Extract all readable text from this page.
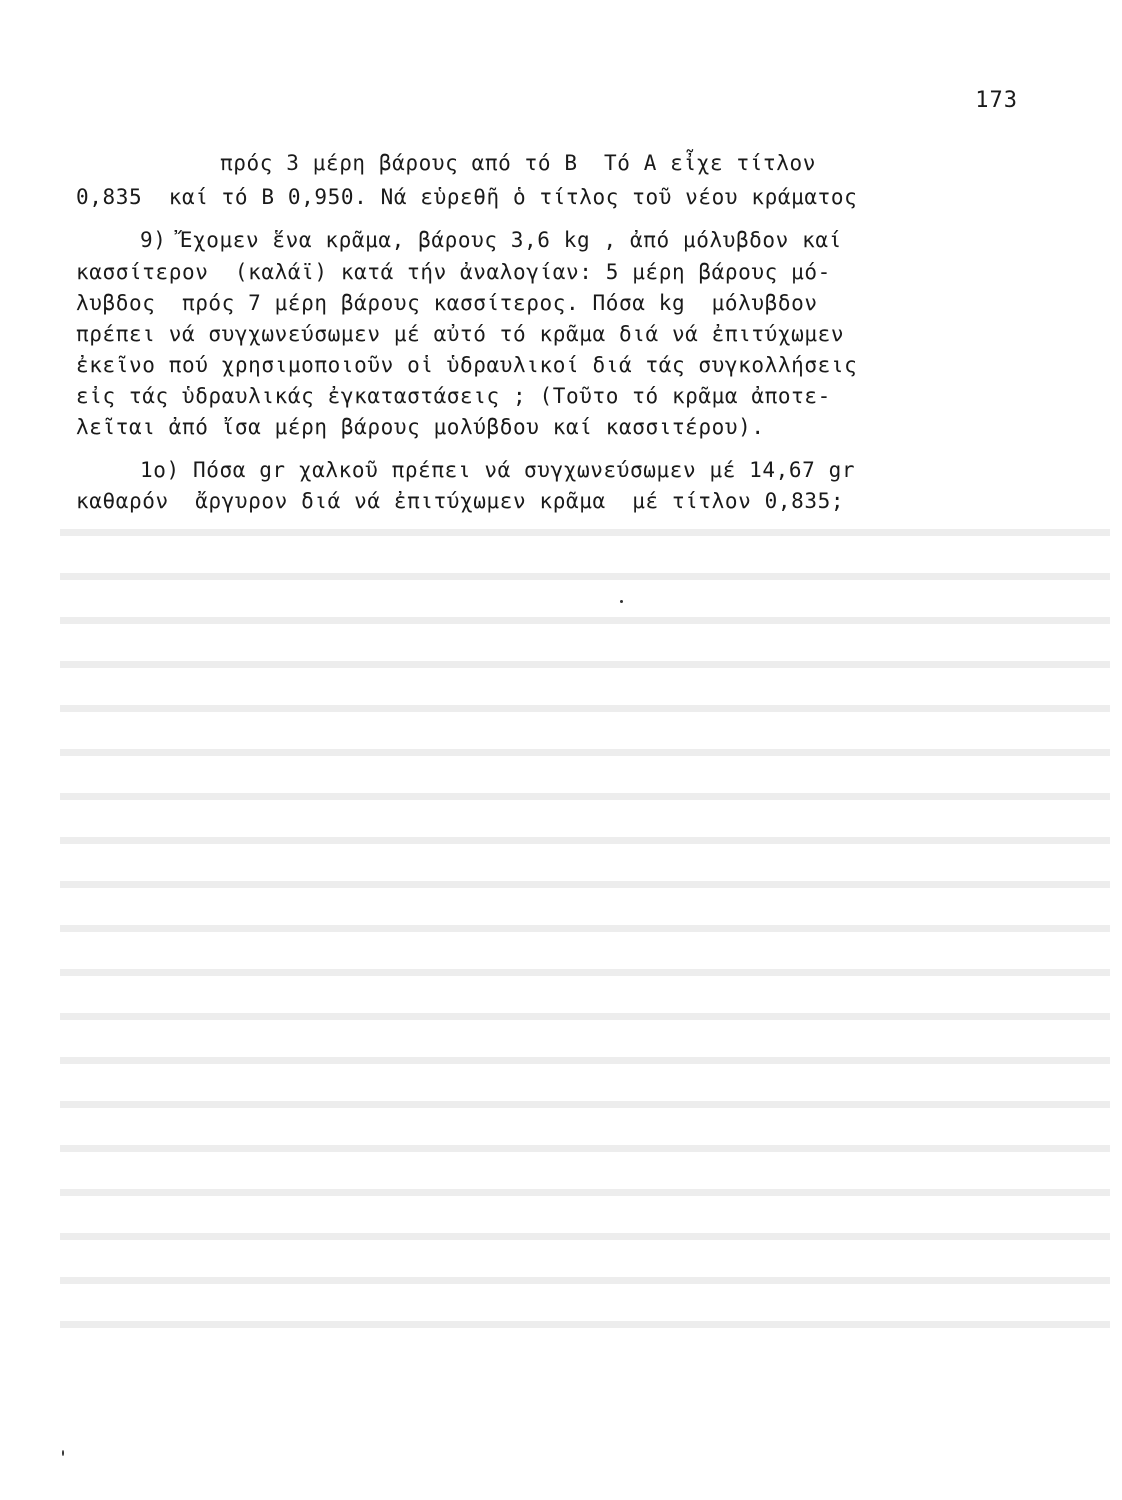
173
πρός 3 μέρη βάρους από τό Β  Τό Α εἶχε τίτλον
0,835  καί τό Β 0,950. Νά εὑρεθῆ ὁ τίτλος τοῦ νέου κράματος
9) Ἔχομεν ἕνα κρᾶμα, βάρους 3,6 kg , ἀπό μόλυβδον καί
κασσίτερον  (καλάϊ) κατά τήν ἀναλογίαν: 5 μέρη βάρους μό-
λυβδος  πρός 7 μέρη βάρους κασσίτερος. Πόσα kg  μόλυβδον
πρέπει νά συγχωνεύσωμεν μέ αὐτό τό κρᾶμα διά νά ἐπιτύχωμεν
ἐκεῖνο πού χρησιμοποιοῦν οἱ ὑδραυλικοί διά τάς συγκολλήσεις
εἰς τάς ὑδραυλικάς ἐγκαταστάσεις ; (Τοῦτο τό κρᾶμα ἀποτε-
λεῖται ἀπό ἴσα μέρη βάρους μολύβδου καί κασσιτέρου).
1ο) Πόσα gr χαλκοῦ πρέπει νά συγχωνεύσωμεν μέ 14,67 gr
καθαρόν  ἄργυρον διά νά ἐπιτύχωμεν κρᾶμα  μέ τίτλον 0,835;
